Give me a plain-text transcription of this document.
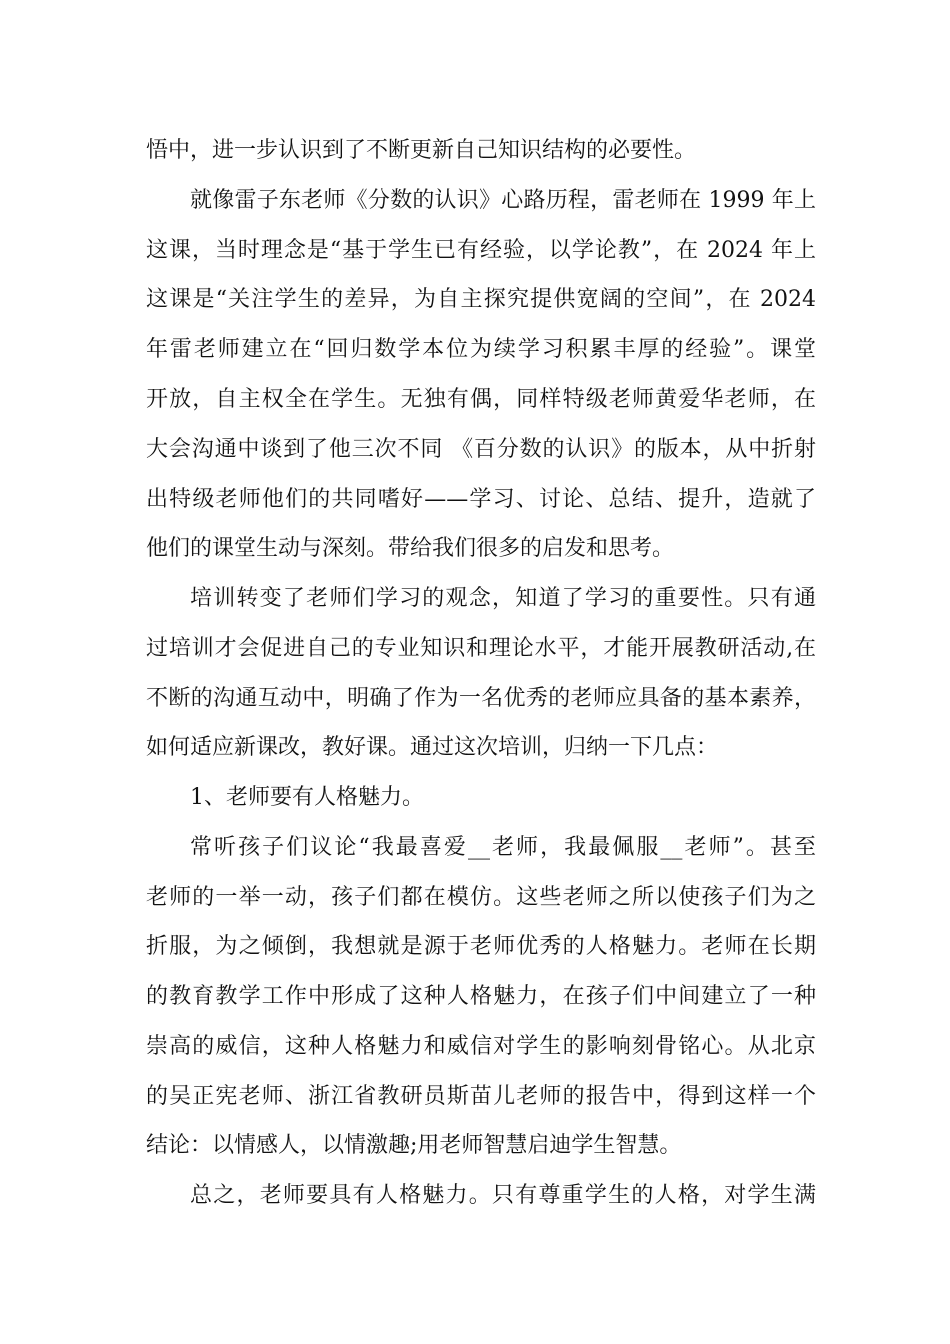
悟中，进一步认识到了不断更新自己知识结构的必要性。
就像雷子东老师《分数的认识》心路历程，雷老师在 1999 年上
这课，当时理念是“基于学生已有经验，以学论教”，在 2024 年上
这课是“关注学生的差异，为自主探究提供宽阔的空间”，在 2024
年雷老师建立在“回归数学本位为续学习积累丰厚的经验”。课堂
开放，自主权全在学生。无独有偶，同样特级老师黄爱华老师，在
大会沟通中谈到了他三次不同 《百分数的认识》的版本，从中折射
出特级老师他们的共同嗜好——学习、讨论、总结、提升，造就了
他们的课堂生动与深刻。带给我们很多的启发和思考。
培训转变了老师们学习的观念，知道了学习的重要性。只有通
过培训才会促进自己的专业知识和理论水平，才能开展教研活动,在
不断的沟通互动中，明确了作为一名优秀的老师应具备的基本素养，
如何适应新课改，教好课。通过这次培训，归纳一下几点：
1、老师要有人格魅力。
常听孩子们议论“我最喜爱__老师，我最佩服__老师”。甚至
老师的一举一动，孩子们都在模仿。这些老师之所以使孩子们为之
折服，为之倾倒，我想就是源于老师优秀的人格魅力。老师在长期
的教育教学工作中形成了这种人格魅力，在孩子们中间建立了一种
崇高的威信，这种人格魅力和威信对学生的影响刻骨铭心。从北京
的吴正宪老师、浙江省教研员斯苗儿老师的报告中，得到这样一个
结论：以情感人，以情激趣;用老师智慧启迪学生智慧。
总之，老师要具有人格魅力。只有尊重学生的人格，对学生满
